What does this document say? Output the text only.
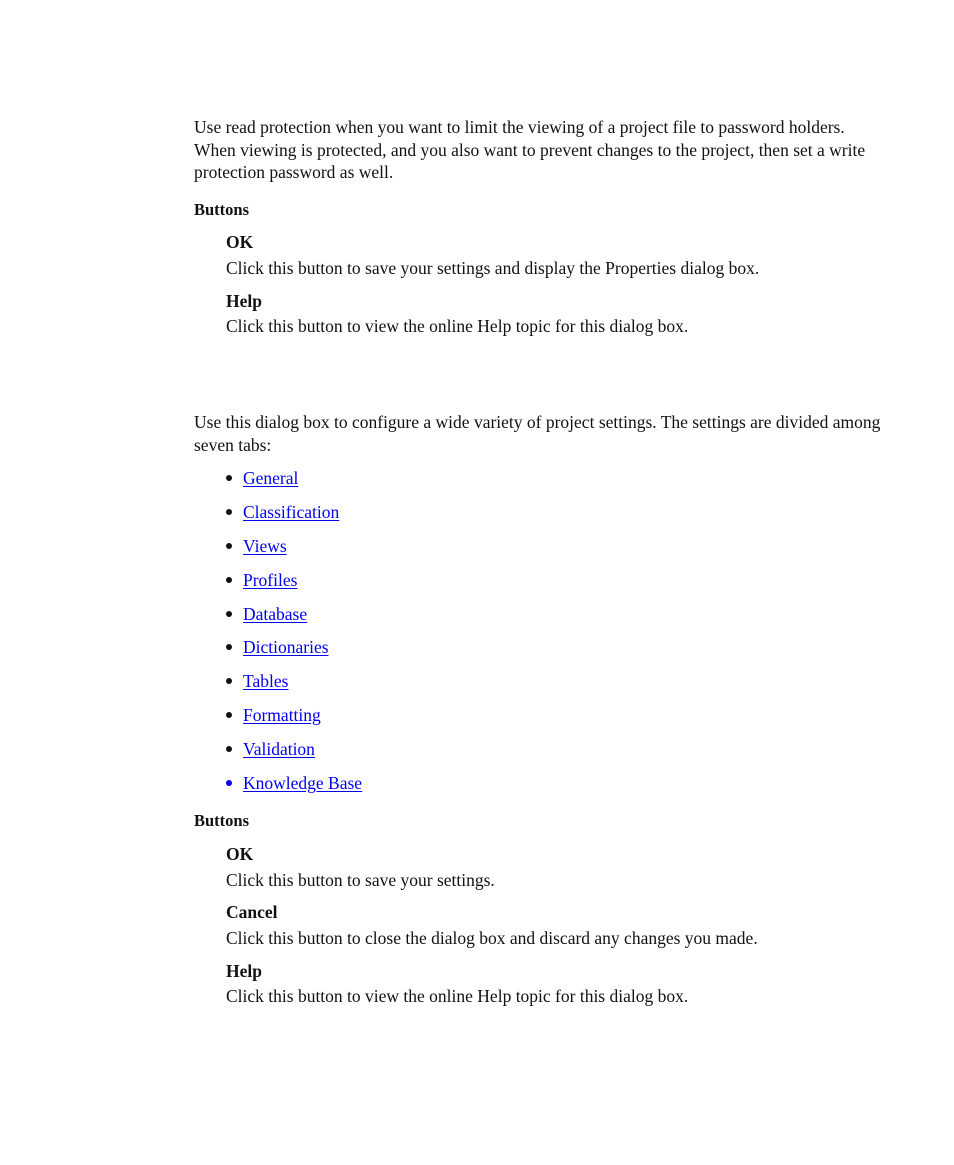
Use read protection when you want to limit the viewing of a project file to password holders. When viewing is protected, and you also want to prevent changes to the project, then set a write protection password as well.

Buttons
OK
Click this button to save your settings and display the Properties dialog box.
Help
Click this button to view the online Help topic for this dialog box.

Use this dialog box to configure a wide variety of project settings. The settings are divided among seven tabs:

General
Classification
Views
Profiles
Database
Dictionaries
Tables
Formatting
Validation
Knowledge Base
Buttons
OK
Click this button to save your settings.
Cancel
Click this button to close the dialog box and discard any changes you made.
Help
Click this button to view the online Help topic for this dialog box.
